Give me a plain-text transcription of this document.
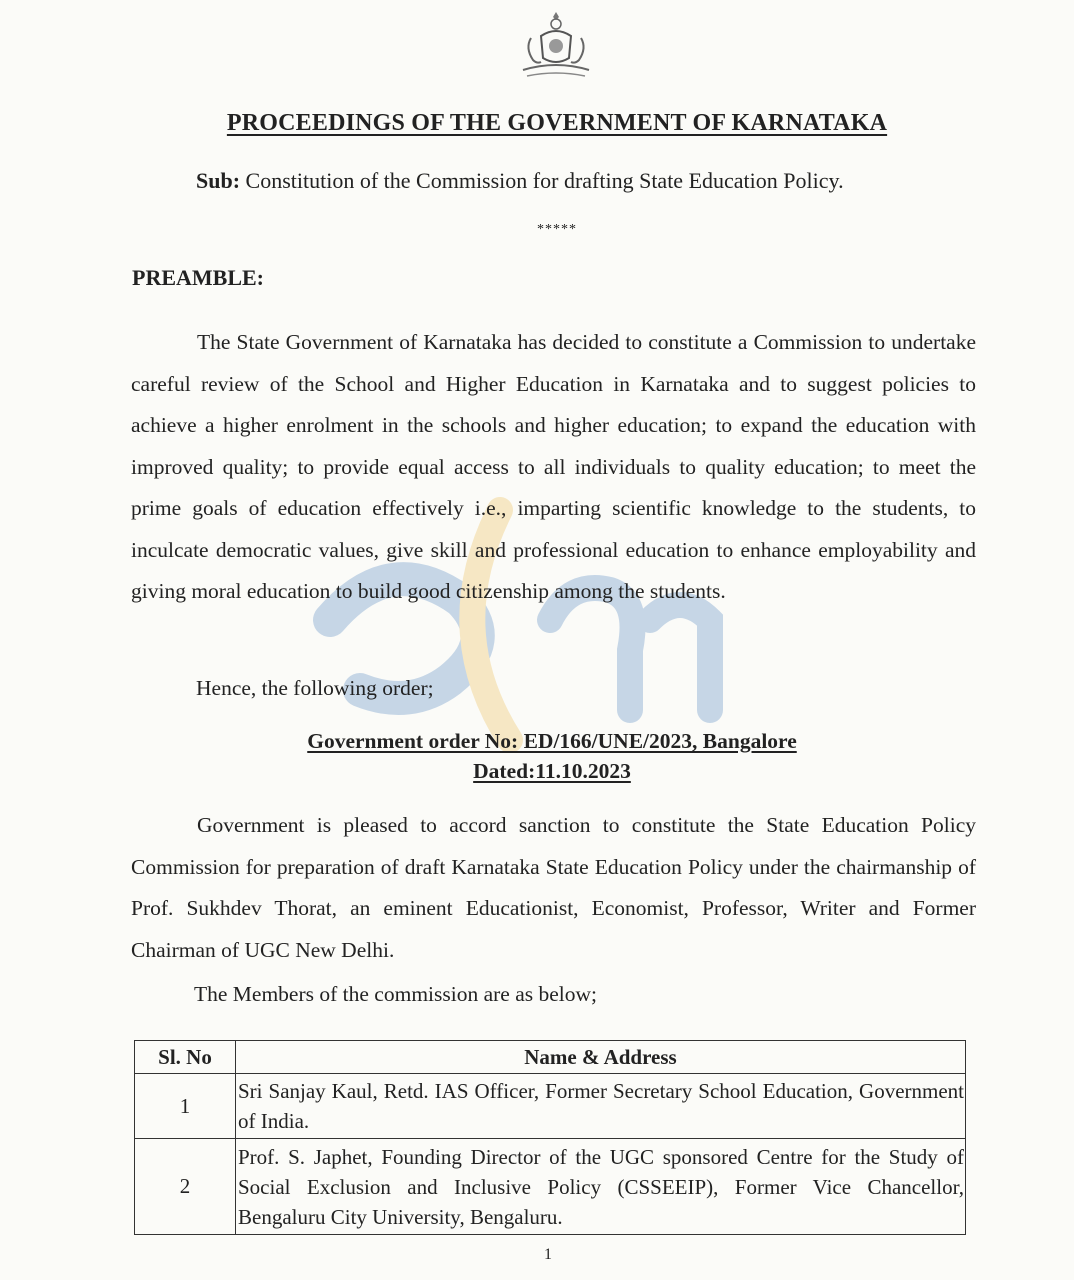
PROCEEDINGS OF THE GOVERNMENT OF KARNATAKA
Sub: Constitution of the Commission for drafting State Education Policy.
*****
PREAMBLE:

The State Government of Karnataka has decided to constitute a Commission to undertake careful review of the School and Higher Education in Karnataka and to suggest policies to achieve a higher enrolment in the schools and higher education; to expand the education with improved quality; to provide equal access to all individuals to quality education; to meet the prime goals of education effectively i.e., imparting scientific knowledge to the students, to inculcate democratic values, give skill and professional education to enhance employability and giving moral education to build good citizenship among the students.

Hence, the following order;
Government order No: ED/166/UNE/2023, Bangalore
Dated:11.10.2023

Government is pleased to accord sanction to constitute the State Education Policy Commission for preparation of draft Karnataka State Education Policy under the chairmanship of Prof. Sukhdev Thorat, an eminent Educationist, Economist, Professor, Writer and Former Chairman of UGC New Delhi.

The Members of the commission are as below;
Sl. No	Name & Address
1	Sri Sanjay Kaul, Retd. IAS Officer, Former Secretary School Education, Government of India.
2	Prof. S. Japhet, Founding Director of the UGC sponsored Centre for the Study of Social Exclusion and Inclusive Policy (CSSEEIP), Former Vice Chancellor, Bengaluru City University, Bengaluru.
1
